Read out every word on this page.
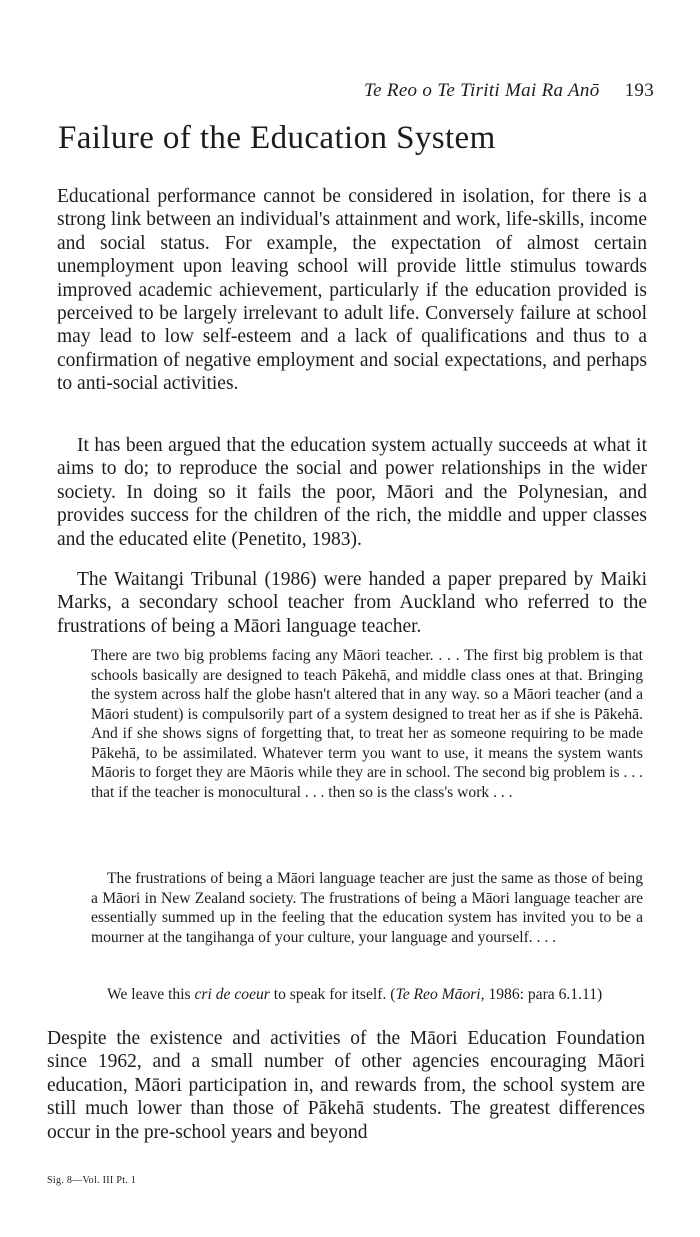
Te Reo o Te Tiriti Mai Ra Anō 193
Failure of the Education System

Educational performance cannot be considered in isolation, for there is a strong link between an individual's attainment and work, life-skills, income and social status. For example, the expectation of almost certain unemployment upon leaving school will provide little stimulus towards improved academic achievement, particularly if the education provided is perceived to be largely irrelevant to adult life. Conversely failure at school may lead to low self-esteem and a lack of qualifications and thus to a confirmation of negative employment and social expectations, and perhaps to anti-social activities.

It has been argued that the education system actually succeeds at what it aims to do; to reproduce the social and power relationships in the wider society. In doing so it fails the poor, Māori and the Polynesian, and provides success for the children of the rich, the middle and upper classes and the educated elite (Penetito, 1983).

The Waitangi Tribunal (1986) were handed a paper prepared by Maiki Marks, a secondary school teacher from Auckland who referred to the frustrations of being a Māori language teacher.

There are two big problems facing any Māori teacher. . . . The first big problem is that schools basically are designed to teach Pākehā, and middle class ones at that. Bringing the system across half the globe hasn't altered that in any way. so a Māori teacher (and a Māori student) is compulsorily part of a system designed to treat her as if she is Pākehā. And if she shows signs of forgetting that, to treat her as someone requiring to be made Pākehā, to be assimilated. Whatever term you want to use, it means the system wants Māoris to forget they are Māoris while they are in school. The second big problem is . . . that if the teacher is monocultural . . . then so is the class's work . . .

The frustrations of being a Māori language teacher are just the same as those of being a Māori in New Zealand society. The frustrations of being a Māori language teacher are essentially summed up in the feeling that the education system has invited you to be a mourner at the tangihanga of your culture, your language and yourself. . . .

We leave this cri de coeur to speak for itself. (Te Reo Māori, 1986: para 6.1.11)

Despite the existence and activities of the Māori Education Foundation since 1962, and a small number of other agencies encouraging Māori education, Māori participation in, and rewards from, the school system are still much lower than those of Pākehā students. The greatest differences occur in the pre-school years and beyond

Sig. 8—Vol. III Pt. 1
